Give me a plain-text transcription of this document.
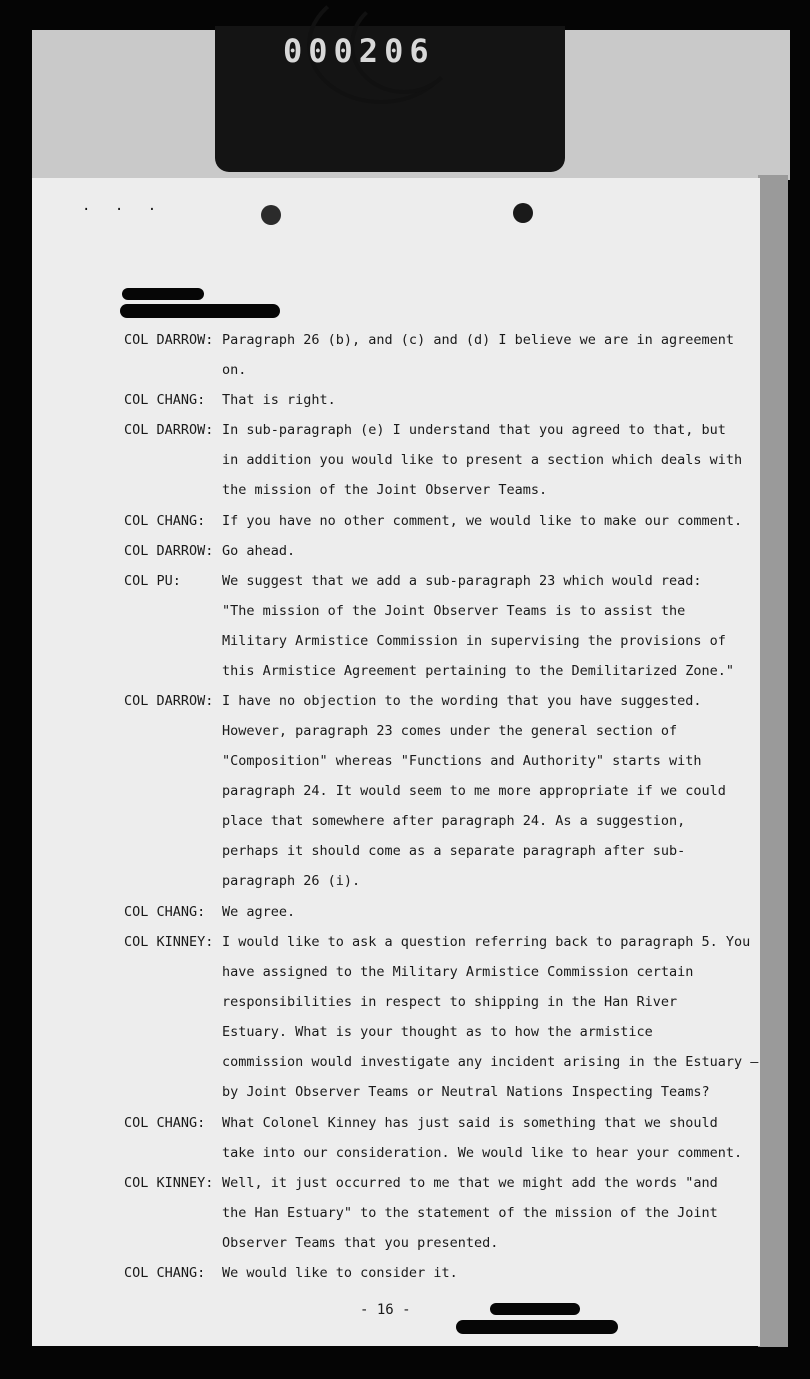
000206
. . .
COL DARROW: Paragraph 26 (b), and (c) and (d) I believe we are in agreement
on.
COL CHANG:	That is right.
COL DARROW: In sub-paragraph (e) I understand that you agreed to that, but
in addition you would like to present a section which deals with
the mission of the Joint Observer Teams.
COL CHANG:	If you have no other comment, we would like to make our comment.
COL DARROW: Go ahead.
COL PU:	We suggest that we add a sub-paragraph 23 which would read:
"The mission of the Joint Observer Teams is to assist the
Military Armistice Commission in supervising the provisions of
this Armistice Agreement pertaining to the Demilitarized Zone."
COL DARROW: I have no objection to the wording that you have suggested.
However, paragraph 23 comes under the general section of
"Composition" whereas "Functions and Authority" starts with
paragraph 24. It would seem to me more appropriate if we could
place that somewhere after paragraph 24. As a suggestion,
perhaps it should come as a separate paragraph after sub-
paragraph 26 (i).
COL CHANG:	We agree.
COL KINNEY: I would like to ask a question referring back to paragraph 5. You
have assigned to the Military Armistice Commission certain
responsibilities in respect to shipping in the Han River
Estuary. What is your thought as to how the armistice
commission would investigate any incident arising in the Estuary —
by Joint Observer Teams or Neutral Nations Inspecting Teams?
COL CHANG:	What Colonel Kinney has just said is something that we should
take into our consideration. We would like to hear your comment.
COL KINNEY: Well, it just occurred to me that we might add the words "and
the Han Estuary" to the statement of the mission of the Joint
Observer Teams that you presented.
COL CHANG:	We would like to consider it.
- 16 -
